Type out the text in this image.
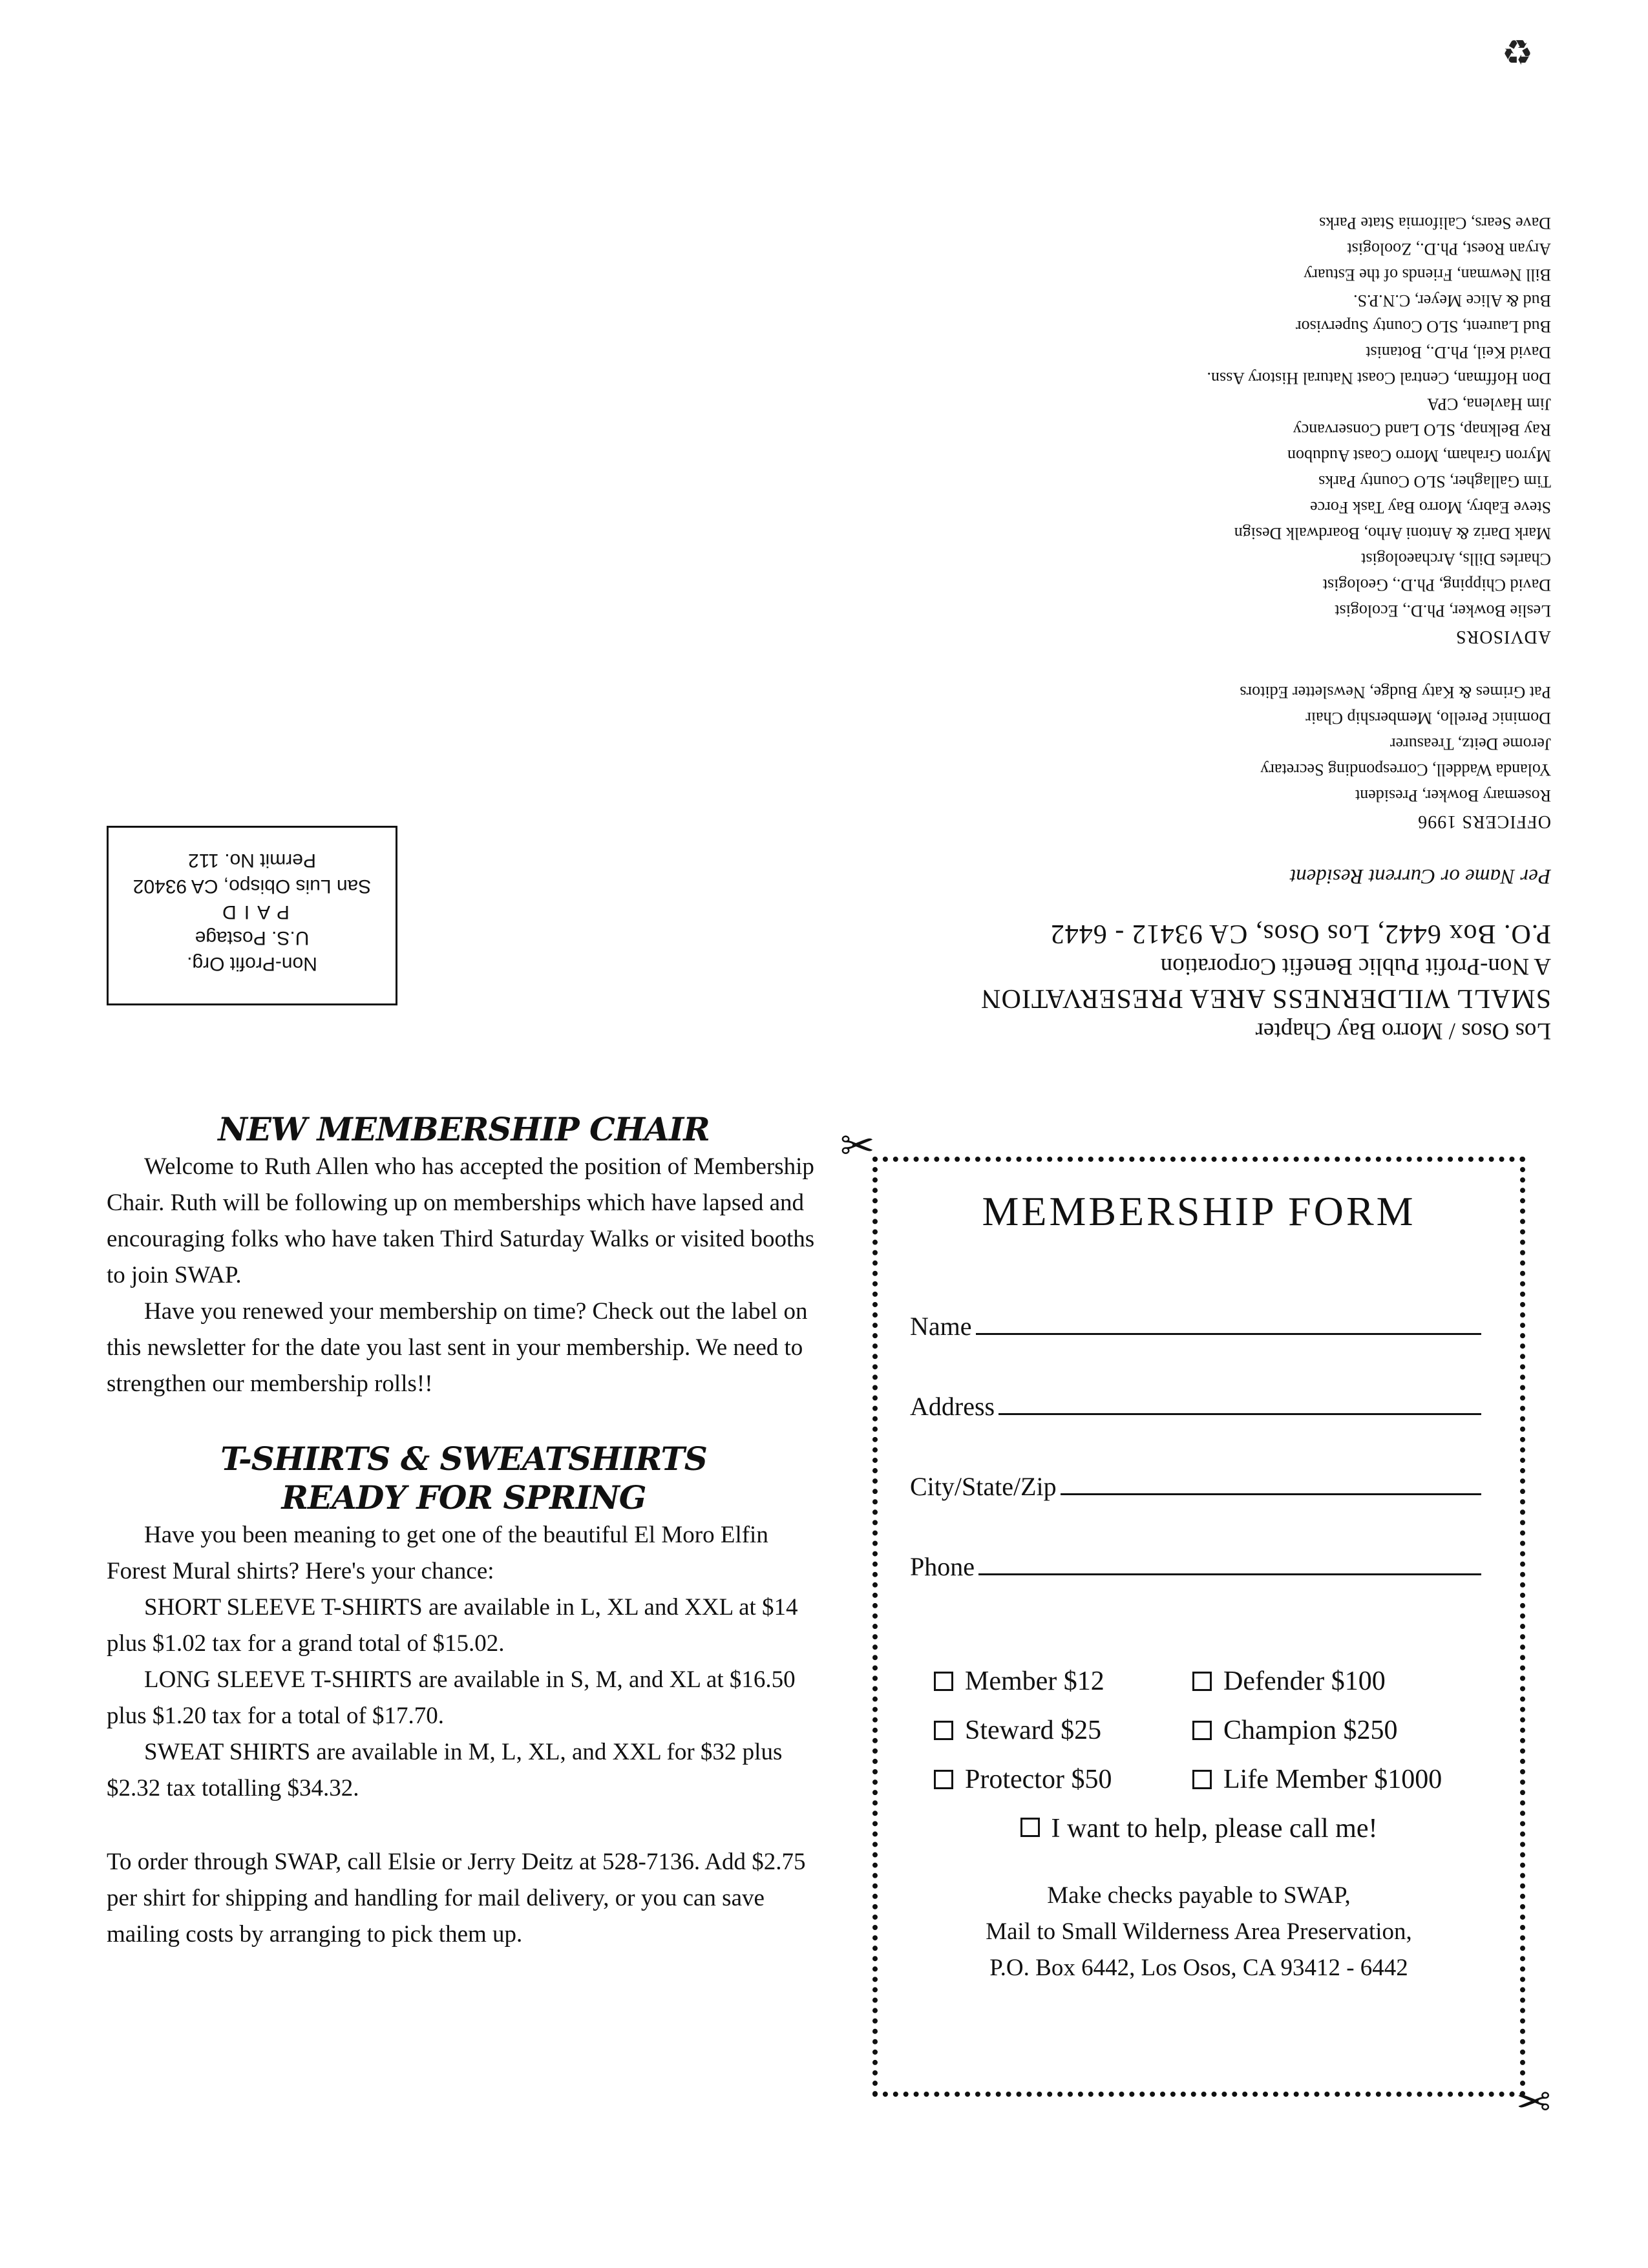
♻
Los Osos / Morro Bay Chapter
SMALL WILDERNESS AREA PRESERVATION
A Non-Profit Public Benefit Corporation
P.O. Box 6442, Los Osos, CA 93412 - 6442
Per Name or Current Resident
OFFICERS 1996
Rosemary Bowker, President
Yolanda Waddell, Corresponding Secretary
Jerome Deitz, Treasurer
Dominic Perello, Membership Chair
Pat Grimes & Katy Budge, Newsletter Editors
ADVISORS
Leslie Bowker, Ph.D., Ecologist
David Chipping, Ph.D., Geologist
Charles Dills, Archaeologist
Mark Dariz & Antoni Arho, Boardwalk Design
Steve Eabry, Morro Bay Task Force
Tim Gallagher, SLO County Parks
Myron Graham, Morro Coast Audubon
Ray Belknap, SLO Land Conservancy
Jim Havlena, CPA
Don Hoffman, Central Coast Natural History Assn.
David Keil, Ph.D., Botanist
Bud Laurent, SLO County Supervisor
Bud & Alice Meyer, C.N.P.S.
Bill Newman, Friends of the Estuary
Aryan Roest, Ph.D., Zoologist
Dave Sears, California State Parks
Non-Profit Org.
U.S. Postage
PAID
San Luis Obispo, CA 93402
Permit No. 112
NEW MEMBERSHIP CHAIR

Welcome to Ruth Allen who has accepted the position of Membership Chair. Ruth will be following up on memberships which have lapsed and encouraging folks who have taken Third Saturday Walks or visited booths to join SWAP.

Have you renewed your membership on time? Check out the label on this newsletter for the date you last sent in your membership. We need to strengthen our membership rolls!!

T-SHIRTS & SWEATSHIRTS
READY FOR SPRING

Have you been meaning to get one of the beautiful El Moro Elfin Forest Mural shirts? Here's your chance:

SHORT SLEEVE T-SHIRTS are available in L, XL and XXL at $14 plus $1.02 tax for a grand total of $15.02.

LONG SLEEVE T-SHIRTS are available in S, M, and XL at $16.50 plus $1.20 tax for a total of $17.70.

SWEAT SHIRTS are available in M, L, XL, and XXL for $32 plus $2.32 tax totalling $34.32.

To order through SWAP, call Elsie or Jerry Deitz at 528-7136. Add $2.75 per shirt for shipping and handling for mail delivery, or you can save mailing costs by arranging to pick them up.

✂
✂
MEMBERSHIP FORM
Name
Address
City/State/Zip
Phone
Member $12	Defender $100
Steward $25	Champion $250
Protector $50	Life Member $1000
I want to help, please call me!
Make checks payable to SWAP,
Mail to Small Wilderness Area Preservation,
P.O. Box 6442, Los Osos, CA 93412 - 6442
